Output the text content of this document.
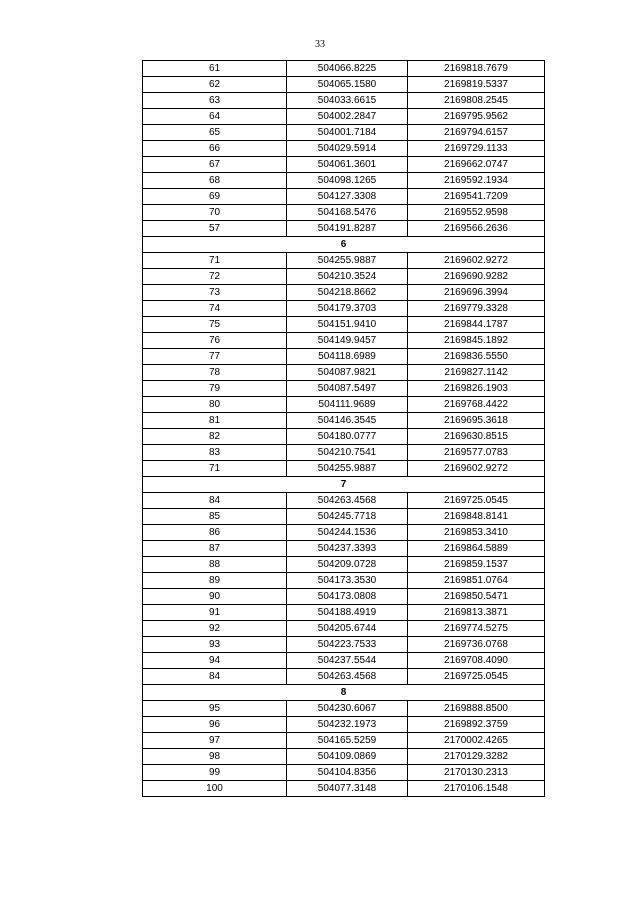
33
61	504066.8225	2169818.7679
62	504065.1580	2169819.5337
63	504033.6615	2169808.2545
64	504002.2847	2169795.9562
65	504001.7184	2169794.6157
66	504029.5914	2169729.1133
67	504061.3601	2169662.0747
68	504098.1265	2169592.1934
69	504127.3308	2169541.7209
70	504168.5476	2169552.9598
57	504191.8287	2169566.2636
6		
71	504255.9887	2169602.9272
72	504210.3524	2169690.9282
73	504218.8662	2169696.3994
74	504179.3703	2169779.3328
75	504151.9410	2169844.1787
76	504149.9457	2169845.1892
77	504118.6989	2169836.5550
78	504087.9821	2169827.1142
79	504087.5497	2169826.1903
80	504111.9689	2169768.4422
81	504146.3545	2169695.3618
82	504180.0777	2169630.8515
83	504210.7541	2169577.0783
71	504255.9887	2169602.9272
7		
84	504263.4568	2169725.0545
85	504245.7718	2169848.8141
86	504244.1536	2169853.3410
87	504237.3393	2169864.5889
88	504209.0728	2169859.1537
89	504173.3530	2169851.0764
90	504173.0808	2169850.5471
91	504188.4919	2169813.3871
92	504205.6744	2169774.5275
93	504223.7533	2169736.0768
94	504237.5544	2169708.4090
84	504263.4568	2169725.0545
8		
95	504230.6067	2169888.8500
96	504232.1973	2169892.3759
97	504165.5259	2170002.4265
98	504109.0869	2170129.3282
99	504104.8356	2170130.2313
100	504077.3148	2170106.1548
